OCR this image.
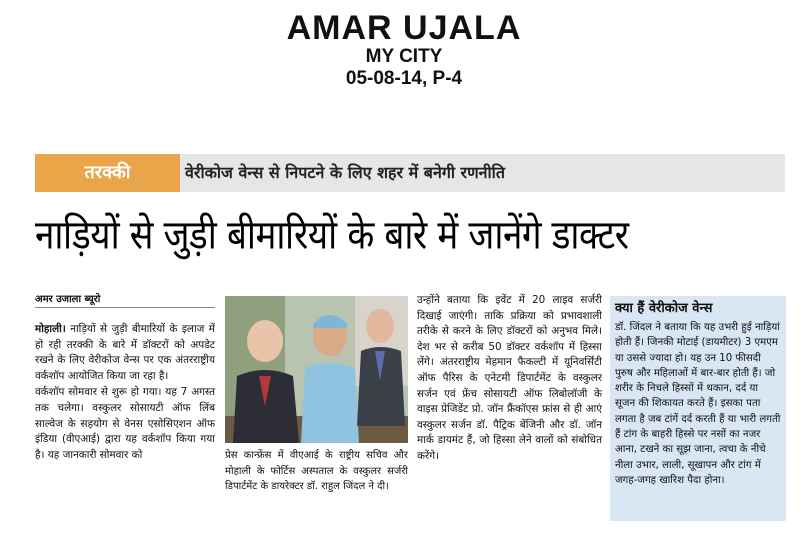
AMAR UJALA
MY CITY
05-08-14, P-4
तरक्की	वेरीकोज वेन्स से निपटने के लिए शहर में बनेगी रणनीति
नाड़ियों से जुड़ी बीमारियों के बारे में जानेंगे डाक्टर
अमर उजाला ब्यूरो

मोहाली। नाड़ियों से जुड़ी बीमारियों के इलाज में हो रही तरक्की के बारे में डॉक्टरों को अपडेट रखने के लिए वेरीकोज वेन्स पर एक अंतरराष्ट्रीय वर्कशॉप आयोजित किया जा रहा है।

वर्कशॉप सोमवार से शुरू हो गया। यह 7 अगस्त तक चलेगा। वस्कुलर सोसायटी ऑफ लिंब साल्वेज के सहयोग से वेनस एसोसिएशन ऑफ इंडिया (वीएआई) द्वारा यह वर्कशॉप किया गया है। यह जानकारी सोमवार को	प्रेस कान्फ्रेंस में वीएआई के राष्ट्रीय सचिव और मोहाली के फोर्टिस अस्पताल के वस्कुलर सर्जरी डिपार्टमेंट के डायरेक्टर डॉ. राहुल जिंदल ने दी।

उन्होंने बताया कि इवेंट में 20 लाइव सर्जरी दिखाई जाएंगी। ताकि प्रक्रिया को प्रभावशाली तरीके से करने के लिए डॉक्टरों को अनुभव मिले। देश भर से करीब 50 डॉक्टर वर्कशॉप में हिस्सा लेंगे। अंतरराष्ट्रीय मेहमान फैकल्टी में यूनिवर्सिटी ऑफ पैरिस के एनेटमी डिपार्टमेंट के वस्कुलर सर्जन एवं फ्रेंच सोसायटी ऑफ लिबोलॉजी के वाइस प्रेजिडेंट प्रो. जॉन फ्रैंकॉएस फ्रांस से ही आएं वस्कुलर सर्जन डॉ. पैट्रिक बेंजिनी और डॉ. जॉन मार्क डायमंट हैं, जो हिस्सा लेने वालों को संबोधित करेंगे।

क्या हैं वेरीकोज वेन्स
डॉ. जिंदल ने बताया कि यह उभरी हुई नाड़ियां होती हैं। जिनकी मोटाई (डायमीटर) 3 एमएम या उससे ज्यादा हो। यह उन 10 फीसदी पुरुष और महिलाओं में बार-बार होती हैं। जो शरीर के निचले हिस्सों में थकान, दर्द या सूजन की शिकायत करते हैं। इसका पता लगता है जब टांगें दर्द करती हैं या भारी लगती हैं टांग के बाहरी हिस्से पर नसों का नजर आना, टखने का सूझ जाना, त्वचा के नीचे नीला उभार, लाली, सूखापन और टांग में जगह-जगह खारिश पैदा होना।
